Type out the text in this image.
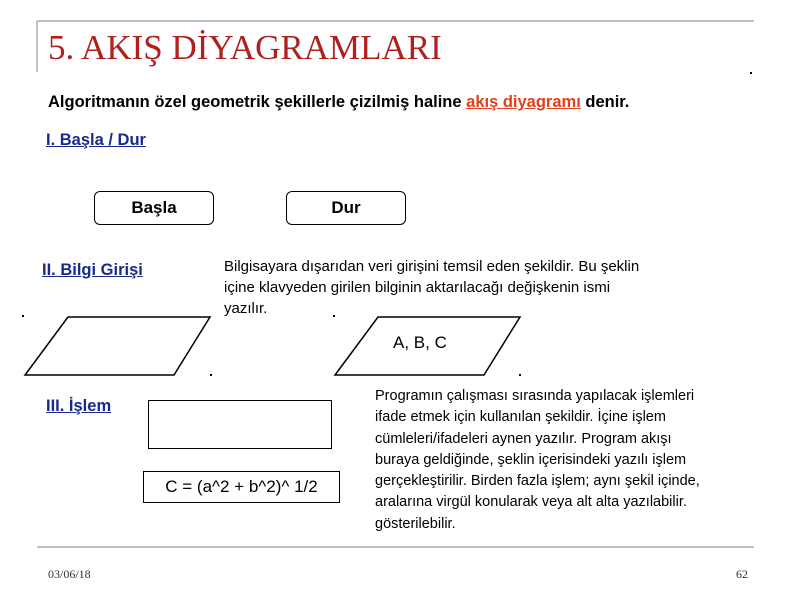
5. AKIŞ DİYAGRAMLARI
Algoritmanın özel geometrik şekillerle çizilmiş haline akış diyagramı denir.
I. Başla / Dur
Başla	Dur
II. Bilgi Girişi	Bilgisayara dışarıdan veri girişini temsil eden şekildir. Bu şeklin
içine klavyeden girilen bilginin aktarılacağı değişkenin ismi
yazılır.
A, B, C
III. İşlem
C = (a^2 + b^2)^ 1/2
Programın çalışması sırasında yapılacak işlemleri
ifade etmek için kullanılan şekildir. İçine işlem
cümleleri/ifadeleri aynen yazılır. Program akışı
buraya geldiğinde, şeklin içerisindeki yazılı işlem
gerçekleştirilir. Birden fazla işlem; aynı şekil içinde,
aralarına virgül konularak veya alt alta yazılabilir.
gösterilebilir.
03/06/18	62
